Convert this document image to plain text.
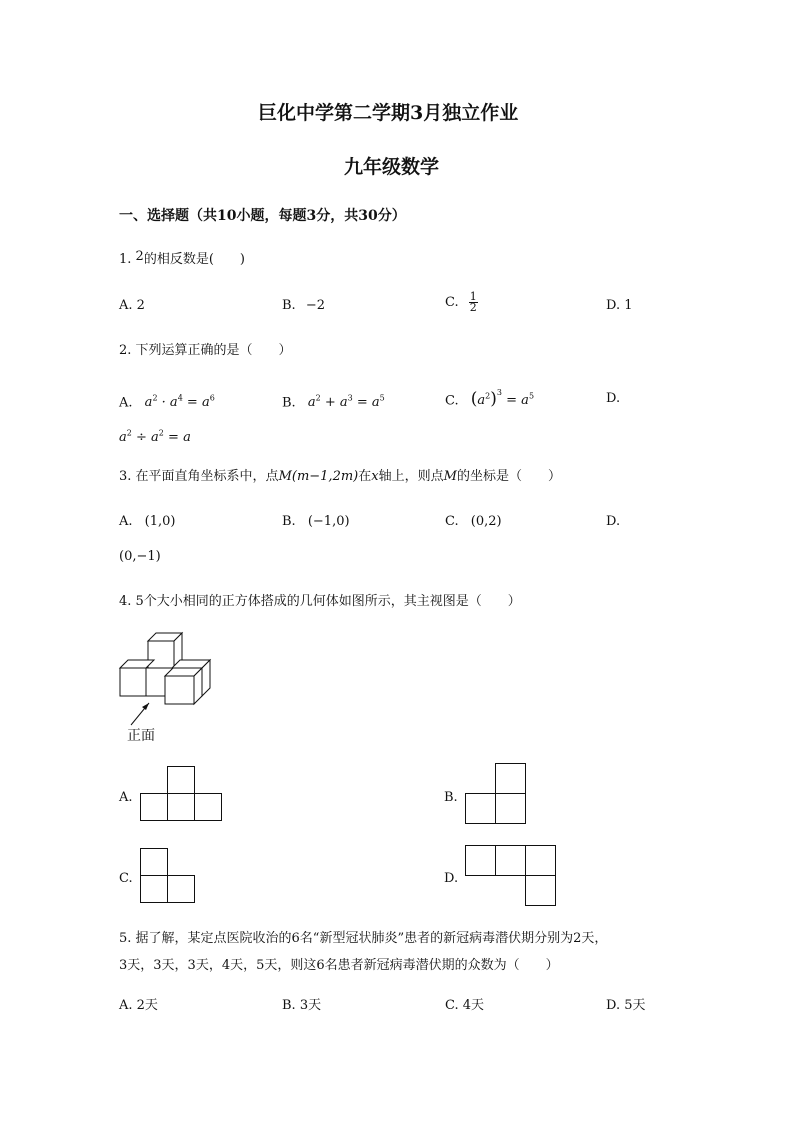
巨化中学第二学期3月独立作业
九年级数学
一、选择题（共10小题，每题3分，共30分）
1. 2的相反数是(　　)
A. 2	B. −2	C. $\frac{1}{2}$	D. 1
2. 下列运算正确的是（　　）
A. $a^2 \cdot a^4 = a^6$	B. $a^2 + a^3 = a^5$	C. $(a^2)^3 = a^5$	D.
$a^2 \div a^2 = a$
3. 在平面直角坐标系中，点M(m−1,2m)在x轴上，则点M的坐标是（　　）
A. (1,0)	B. (−1,0)	C. (0,2)	D.
(0,−1)
4. 5个大小相同的正方体搭成的几何体如图所示，其主视图是（　　）
正面
A.	B.
C.	D.
5. 据了解，某定点医院收治的6名“新型冠状肺炎”患者的新冠病毒潜伏期分别为2天，
3天，3天，3天，4天，5天，则这6名患者新冠病毒潜伏期的众数为（　　）
A. 2天	B. 3天	C. 4天	D. 5天
